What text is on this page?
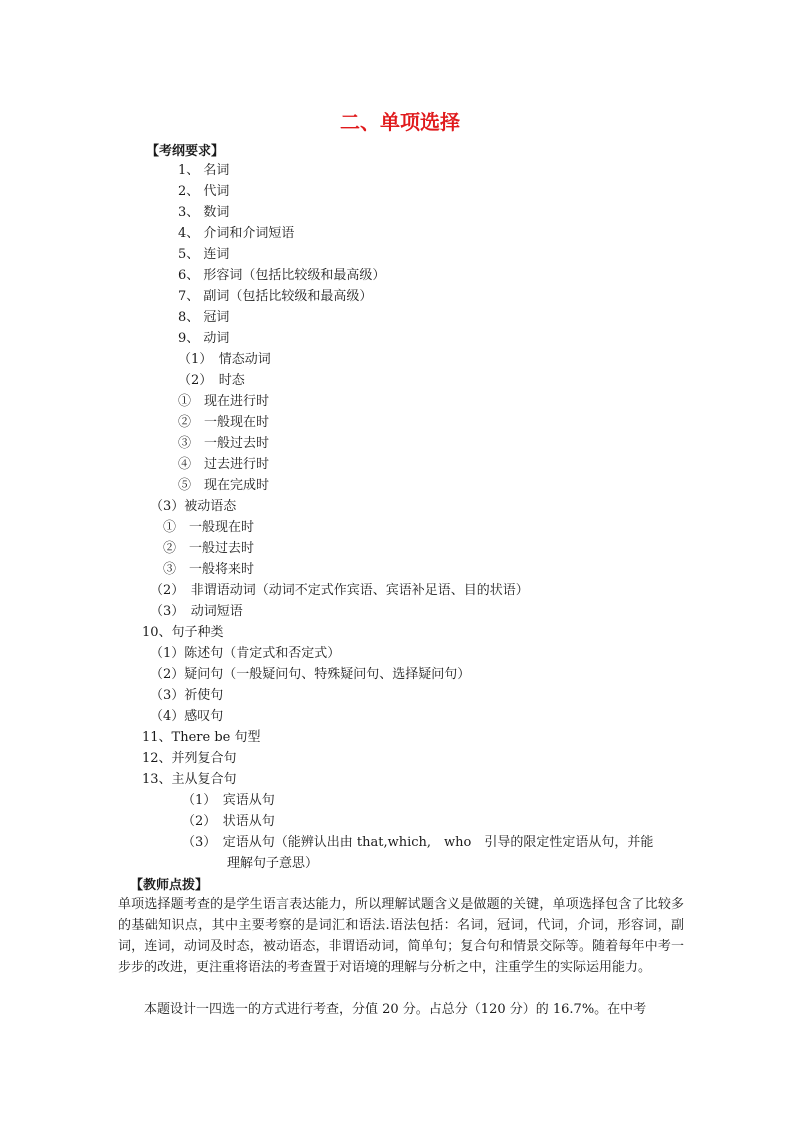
二、单项选择
【考纲要求】
1、 名词
2、 代词
3、 数词
4、 介词和介词短语
5、 连词
6、 形容词（包括比较级和最高级）
7、 副词（包括比较级和最高级）
8、 冠词
9、 动词
（1）　情态动词
（2）　时态
①　现在进行时
②　一般现在时
③　一般过去时
④　过去进行时
⑤　现在完成时
（3）被动语态
①　一般现在时
②　一般过去时
③　一般将来时
（2）　非谓语动词（动词不定式作宾语、宾语补足语、目的状语）
（3）　动词短语
10、句子种类
（1）陈述句（肯定式和否定式）
（2）疑问句（一般疑问句、特殊疑问句、选择疑问句）
（3）祈使句
（4）感叹句
11、There be 句型
12、并列复合句
13、主从复合句
（1）　宾语从句
（2）　状语从句
（3）　定语从句（能辨认出由 that,which,　who　引导的限定性定语从句，并能
理解句子意思）
【教师点拨】
单项选择题考查的是学生语言表达能力，所以理解试题含义是做题的关键，单项选择包含了比较多的基础知识点，其中主要考察的是词汇和语法.语法包括：名词，冠词，代词，介词，形容词，副词，连词，动词及时态，被动语态，非谓语动词，简单句；复合句和情景交际等。随着每年中考一步步的改进，更注重将语法的考查置于对语境的理解与分析之中，注重学生的实际运用能力。
本题设计一四选一的方式进行考查，分值 20 分。占总分（120 分）的 16.7%。在中考
